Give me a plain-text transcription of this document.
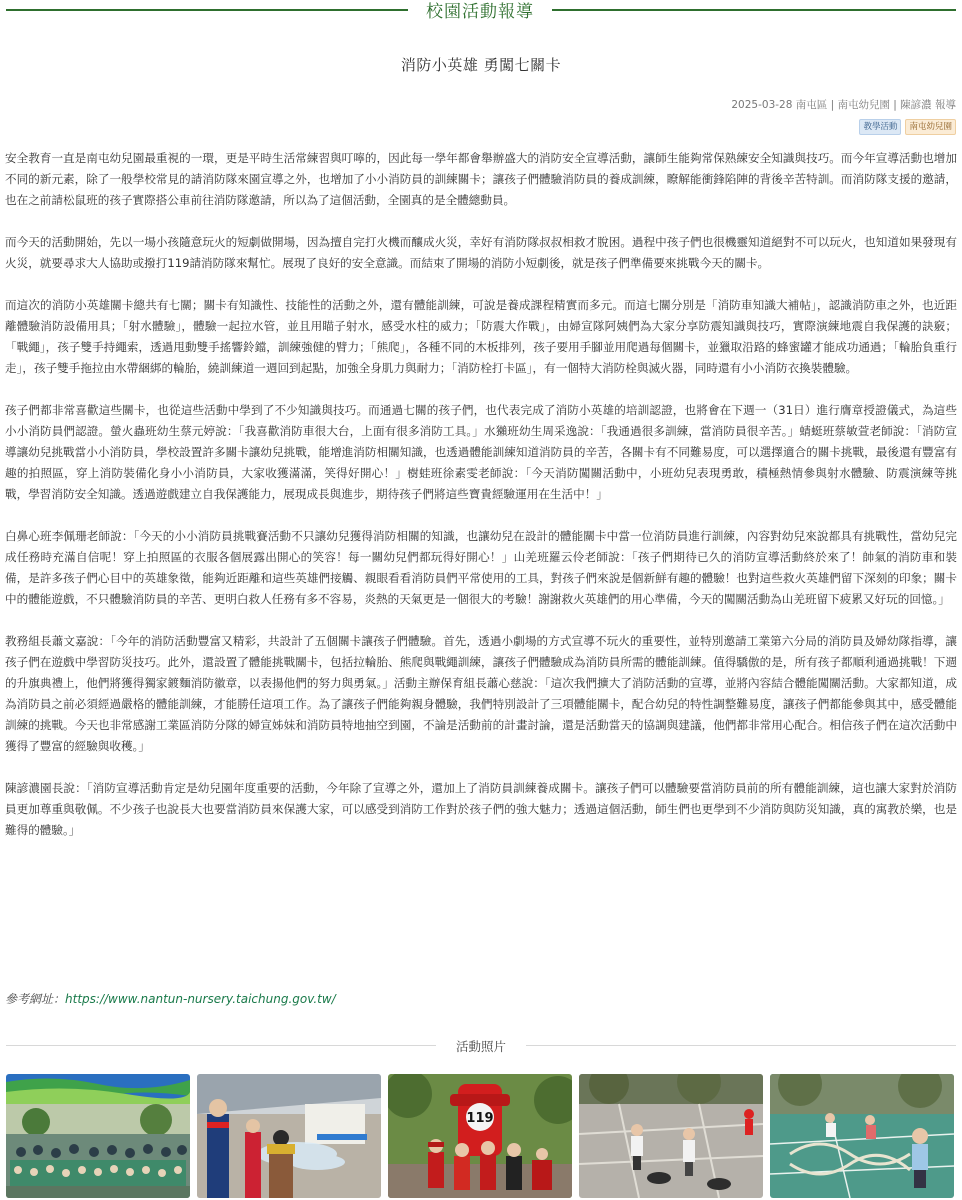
校園活動報導
消防小英雄 勇闖七關卡
2025-03-28 南屯區 | 南屯幼兒園 | 陳諺濃 報導
教學活動	南屯幼兒園

安全教育一直是南屯幼兒園最重視的一環，更是平時生活常練習與叮嚀的，因此每一學年都會舉辦盛大的消防安全宣導活動，讓師生能夠常保熟練安全知識與技巧。而今年宣導活動也增加不同的新元素，除了一般學校常見的請消防隊來園宣導之外，也增加了小小消防員的訓練關卡；讓孩子們體驗消防員的養成訓練，瞭解能衝鋒陷陣的背後辛苦特訓。而消防隊支援的邀請，也在之前請松鼠班的孩子實際搭公車前往消防隊邀請，所以為了這個活動，全園真的是全體總動員。

而今天的活動開始，先以一場小孩隨意玩火的短劇做開場，因為擅自完打火機而釀成火災，幸好有消防隊叔叔相救才脫困。過程中孩子們也很機靈知道絕對不可以玩火，也知道如果發現有火災，就要尋求大人協助或撥打119請消防隊來幫忙。展現了良好的安全意識。而結束了開場的消防小短劇後，就是孩子們準備要來挑戰今天的關卡。

而這次的消防小英雄關卡總共有七關；關卡有知識性、技能性的活動之外，還有體能訓練，可說是養成課程精實而多元。而這七關分別是「消防車知識大補帖」，認識消防車之外，也近距離體驗消防設備用具；「射水體驗」，體驗一起拉水管，並且用瞄子射水，感受水柱的威力；「防震大作戰」，由婦宣隊阿姨們為大家分享防震知識與技巧，實際演練地震自我保護的訣竅；「戰繩」，孩子雙手持繩索，透過甩動雙手搖響鈴鐺，訓練強健的臂力；「熊爬」，各種不同的木板排列，孩子要用手腳並用爬過每個關卡，並獵取沿路的蜂蜜罐才能成功通過；「輪胎負重行走」，孩子雙手拖拉由水帶綑綁的輪胎，繞訓練道一週回到起點，加強全身肌力與耐力；「消防栓打卡區」，有一個特大消防栓與滅火器，同時還有小小消防衣換裝體驗。

孩子們都非常喜歡這些關卡，也從這些活動中學到了不少知識與技巧。而通過七關的孩子們，也代表完成了消防小英雄的培訓認證，也將會在下週一（31日）進行膺章授證儀式，為這些小小消防員們認證。螢火蟲班幼生蔡元婷說：「我喜歡消防車很大台，上面有很多消防工具。」水獺班幼生周采逸說：「我通過很多訓練，當消防員很辛苦。」蜻蜓班蔡敏萱老師說：「消防宣導讓幼兒挑戰當小小消防員，學校設置許多關卡讓幼兒挑戰，能增進消防相關知識，也透過體能訓練知道消防員的辛苦，各關卡有不同難易度，可以選擇適合的關卡挑戰，最後還有豐富有趣的拍照區，穿上消防裝備化身小小消防員，大家收獲滿滿，笑得好開心！」樹蛙班徐素雯老師說：「今天消防闖關活動中，小班幼兒表現勇敢，積極熱情參與射水體驗、防震演練等挑戰，學習消防安全知識。透過遊戲建立自我保護能力，展現成長與進步，期待孩子們將這些寶貴經驗運用在生活中！」

白鼻心班李佩珊老師說：「今天的小小消防員挑戰賽活動不只讓幼兒獲得消防相關的知識，也讓幼兒在設計的體能關卡中當一位消防員進行訓練，內容對幼兒來說都具有挑戰性，當幼兒完成任務時充滿自信呢！穿上拍照區的衣服各個展露出開心的笑容！每一關幼兒們都玩得好開心！」山羌班羅云伶老師說：「孩子們期待已久的消防宣導活動終於來了！帥氣的消防車和裝備，是許多孩子們心目中的英雄象徵，能夠近距離和這些英雄們接觸、親眼看看消防員們平常使用的工具，對孩子們來說是個新鮮有趣的體驗！也對這些救火英雄們留下深刻的印象；關卡中的體能遊戲，不只體驗消防員的辛苦、更明白救人任務有多不容易，炎熱的天氣更是一個很大的考驗！謝謝救火英雄們的用心準備，今天的闖關活動為山羌班留下疲累又好玩的回憶。」

教務組長蕭文嘉說：「今年的消防活動豐富又精彩，共設計了五個關卡讓孩子們體驗。首先，透過小劇場的方式宣導不玩火的重要性，並特別邀請工業第六分局的消防員及婦幼隊指導，讓孩子們在遊戲中學習防災技巧。此外，還設置了體能挑戰關卡，包括拉輪胎、熊爬與戰繩訓練，讓孩子們體驗成為消防員所需的體能訓練。值得驕傲的是，所有孩子都順利通過挑戰！下週的升旗典禮上，他們將獲得獨家鍍麵消防徽章，以表揚他們的努力與勇氣。」活動主辦保育組長蕭心慈說：「這次我們擴大了消防活動的宣導，並將內容結合體能闖關活動。大家都知道，成為消防員之前必須經過嚴格的體能訓練，才能勝任這項工作。為了讓孩子們能夠親身體驗，我們特別設計了三項體能關卡，配合幼兒的特性調整難易度，讓孩子們都能參與其中，感受體能訓練的挑戰。今天也非常感謝工業區消防分隊的婦宣姊妹和消防員特地抽空到園，不論是活動前的計畫討論，還是活動當天的協調與建議，他們都非常用心配合。相信孩子們在這次活動中獲得了豐富的經驗與收穫。」

陳諺濃園長說：「消防宣導活動肯定是幼兒園年度重要的活動，今年除了宣導之外，還加上了消防員訓練養成關卡。讓孩子們可以體驗要當消防員前的所有體能訓練，這也讓大家對於消防員更加尊重與敬佩。不少孩子也說長大也要當消防員來保護大家，可以感受到消防工作對於孩子們的強大魅力；透過這個活動，師生們也更學到不少消防與防災知識，真的寓教於樂，也是難得的體驗。」

參考網址：https://www.nantun-nursery.taichung.gov.tw/
活動照片
119
